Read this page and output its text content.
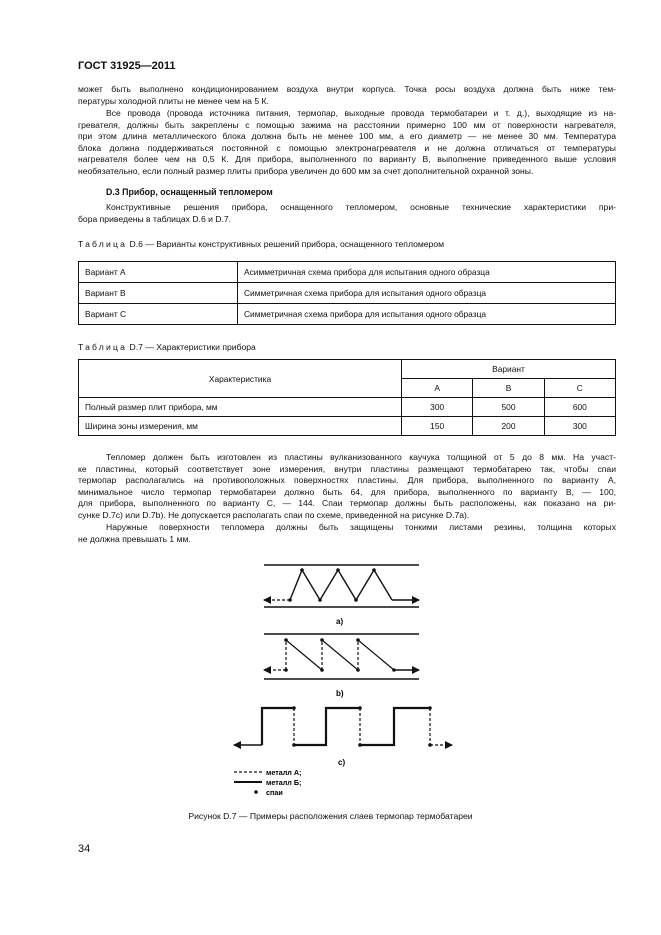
ГОСТ 31925—2011
может быть выполнено кондиционированием воздуха внутри корпуса. Точка росы воздуха должна быть ниже тем-
пературы холодной плиты не менее чем на 5 К.
Все провода (провода источника питания, термопар, выходные провода термобатареи и т. д.), выходящие из на-
гревателя, должны быть закреплены с помощью зажима на расстоянии примерно 100 мм от поверхности нагревателя,
при этом длина металлического блока должна быть не менее 100 мм, а его диаметр — не менее 30 мм. Температура
блока должна поддерживаться постоянной с помощью электронагревателя и не должна отличаться от температуры
нагревателя более чем на 0,5 К. Для прибора, выполненного по варианту В, выполнение приведенного выше условия
необязательно, если полный размер плиты прибора увеличен до 600 мм за счет дополнительной охранной зоны.
D.3 Прибор, оснащенный тепломером
Конструктивные решения прибора, оснащенного тепломером, основные технические характеристики при-
бора приведены в таблицах D.6 и D.7.
Таблица D.6 — Варианты конструктивных решений прибора, оснащенного тепломером
Вариант А	Асимметричная схема прибора для испытания одного образца
Вариант В	Симметричная схема прибора для испытания одного образца
Вариант С	Симметричная схема прибора для испытания одного образца
Таблица D.7 — Характеристики прибора
Характеристика	Вариант		
	А	В	С
Полный размер плит прибора, мм	300	500	600
Ширина зоны измерения, мм	150	200	300
Тепломер должен быть изготовлен из пластины вулканизованного каучука толщиной от 5 до 8 мм. На участ-
ке пластины, который соответствует зоне измерения, внутри пластины размещают термобатарею так, чтобы спаи
термопар располагались на противоположных поверхностях пластины. Для прибора, выполненного по варианту А,
минимальное число термопар термобатареи должно быть 64, для прибора, выполненного по варианту В, — 100,
для прибора, выполненного по варианту С, — 144. Спаи термопар должны быть расположены, как показано на ри-
сунке D.7c) или D.7b). Не допускается располагать спаи по схеме, приведенной на рисунке D.7a).
Наружные поверхности тепломера должны быть защищены тонкими листами резины, толщина которых
не должна превышать 1 мм.
a)
b)
c)
металл А;
металл Б;
спаи
Рисунок D.7 — Примеры расположения слаев термопар термобатареи
34
